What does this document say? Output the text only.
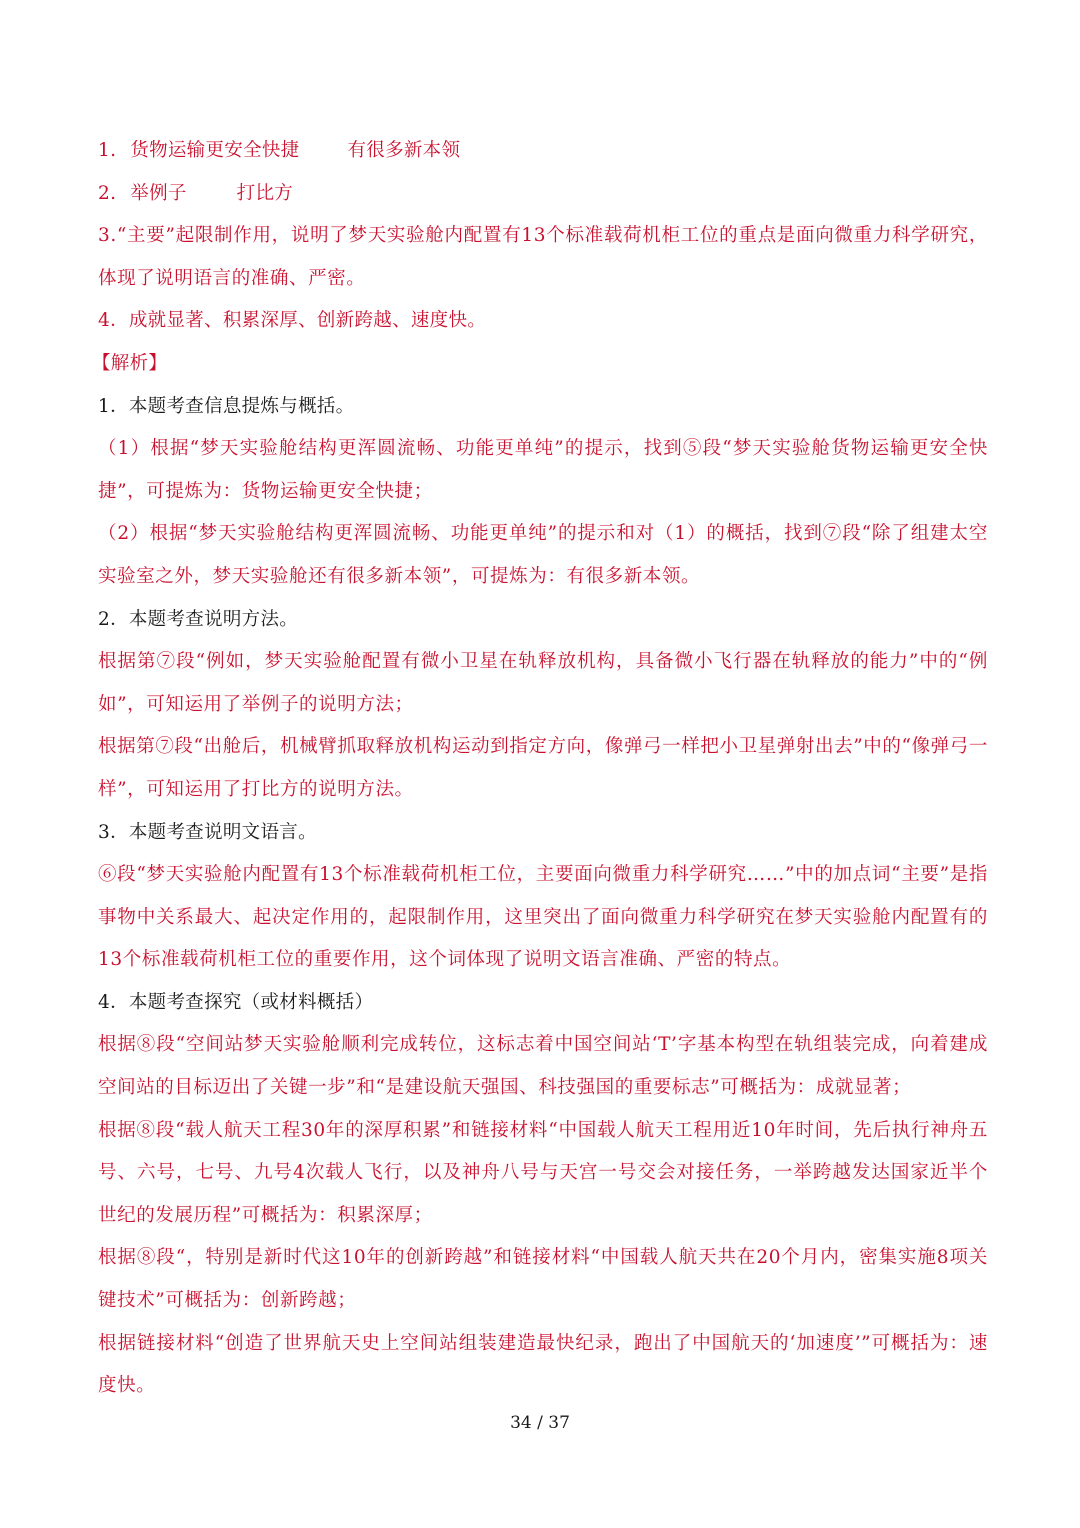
1. 货物运输更安全快捷	有很多新本领
2. 举例子	打比方
3.“主要”起限制作用，说明了梦天实验舱内配置有13个标准载荷机柜工位的重点是面向微重力科学研究，体现了说明语言的准确、严密。
4．成就显著、积累深厚、创新跨越、速度快。
【解析】
1．本题考查信息提炼与概括。
（1）根据“梦天实验舱结构更浑圆流畅、功能更单纯”的提示，找到⑤段“梦天实验舱货物运输更安全快捷”，可提炼为：货物运输更安全快捷；
（2）根据“梦天实验舱结构更浑圆流畅、功能更单纯”的提示和对（1）的概括，找到⑦段“除了组建太空实验室之外，梦天实验舱还有很多新本领”，可提炼为：有很多新本领。
2．本题考查说明方法。
根据第⑦段“例如，梦天实验舱配置有微小卫星在轨释放机构，具备微小飞行器在轨释放的能力”中的“例如”，可知运用了举例子的说明方法；
根据第⑦段“出舱后，机械臂抓取释放机构运动到指定方向，像弹弓一样把小卫星弹射出去”中的“像弹弓一样”，可知运用了打比方的说明方法。
3．本题考查说明文语言。
⑥段“梦天实验舱内配置有13个标准载荷机柜工位，主要面向微重力科学研究……”中的加点词“主要”是指事物中关系最大、起决定作用的，起限制作用，这里突出了面向微重力科学研究在梦天实验舱内配置有的13个标准载荷机柜工位的重要作用，这个词体现了说明文语言准确、严密的特点。
4．本题考查探究（或材料概括）
根据⑧段“空间站梦天实验舱顺利完成转位，这标志着中国空间站‘T’字基本构型在轨组装完成，向着建成空间站的目标迈出了关键一步”和“是建设航天强国、科技强国的重要标志”可概括为：成就显著；
根据⑧段“载人航天工程30年的深厚积累”和链接材料“中国载人航天工程用近10年时间，先后执行神舟五号、六号，七号、九号4次载人飞行，以及神舟八号与天宫一号交会对接任务，一举跨越发达国家近半个世纪的发展历程”可概括为：积累深厚；
根据⑧段“，特别是新时代这10年的创新跨越”和链接材料“中国载人航天共在20个月内，密集实施8项关键技术”可概括为：创新跨越；
根据链接材料“创造了世界航天史上空间站组装建造最快纪录，跑出了中国航天的‘加速度’”可概括为：速度快。
34 / 37
